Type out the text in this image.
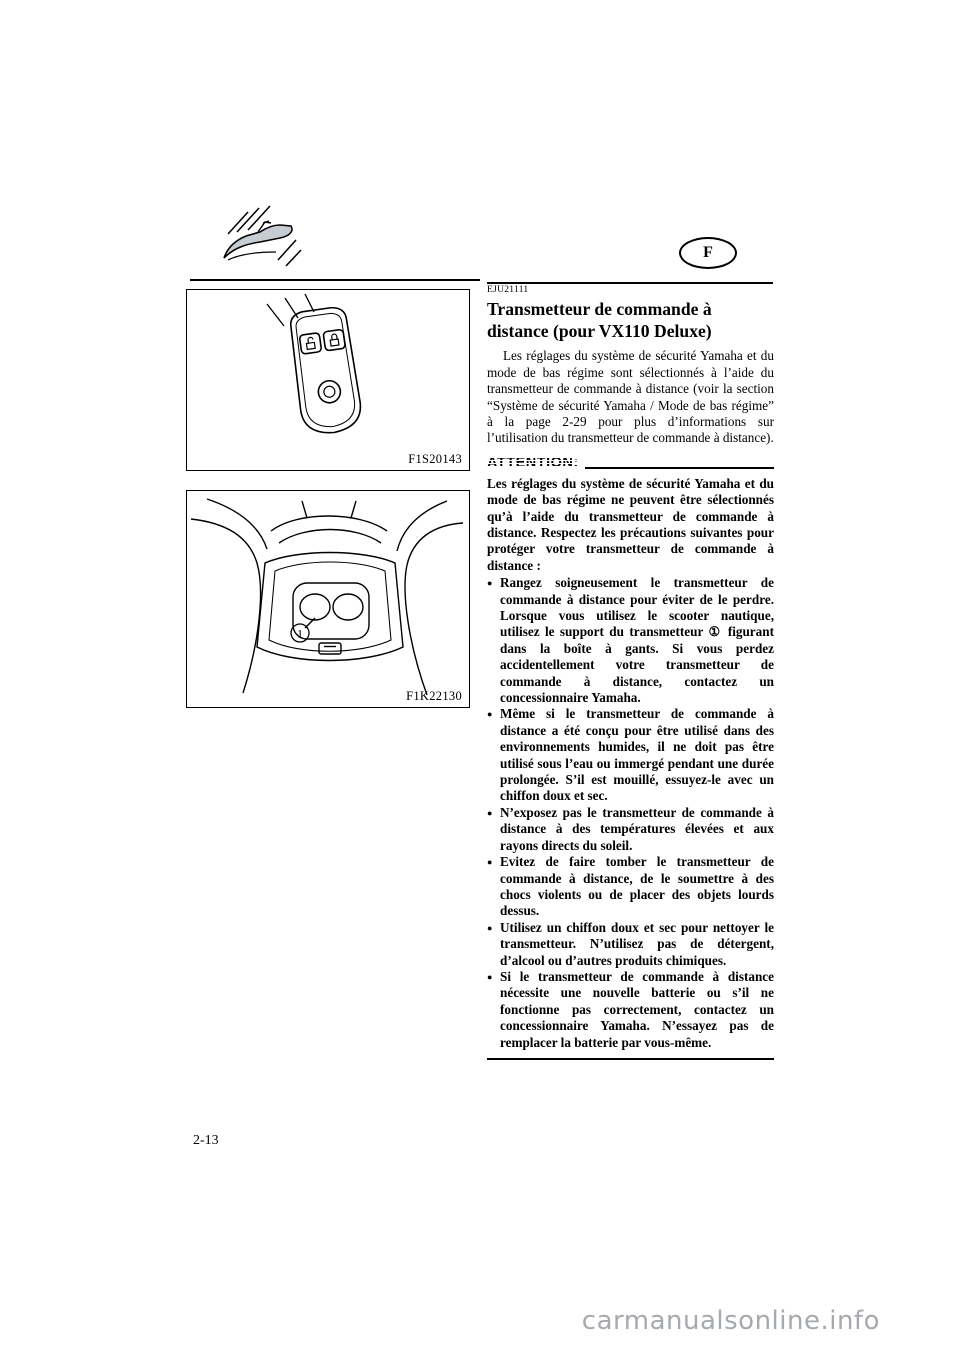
F
F1S20143
1
F1K22130
EJU21111
Transmetteur de commande à distance (pour VX110 Deluxe)

Les réglages du système de sécurité Yamaha et du mode de bas régime sont sélectionnés à l’aide du transmetteur de commande à distance (voir la section “Système de sécurité Yamaha / Mode de bas régime” à la page 2-29 pour plus d’informations sur l’utilisation du transmetteur de commande à distance).

ATTENTION:

Les réglages du système de sécurité Yamaha et du mode de bas régime ne peuvent être sélectionnés qu’à l’aide du transmetteur de commande à distance. Respectez les précautions suivantes pour protéger votre transmetteur de commande à distance :

● Rangez soigneusement le transmetteur de commande à distance pour éviter de le perdre. Lorsque vous utilisez le scooter nautique, utilisez le support du transmetteur ① figurant dans la boîte à gants. Si vous perdez accidentellement votre transmetteur de commande à distance, contactez un concessionnaire Yamaha.
● Même si le transmetteur de commande à distance a été conçu pour être utilisé dans des environnements humides, il ne doit pas être utilisé sous l’eau ou immergé pendant une durée prolongée. S’il est mouillé, essuyez-le avec un chiffon doux et sec.
● N’exposez pas le transmetteur de commande à distance à des températures élevées et aux rayons directs du soleil.
● Evitez de faire tomber le transmetteur de commande à distance, de le soumettre à des chocs violents ou de placer des objets lourds dessus.
● Utilisez un chiffon doux et sec pour nettoyer le transmetteur. N’utilisez pas de détergent, d’alcool ou d’autres produits chimiques.
● Si le transmetteur de commande à distance nécessite une nouvelle batterie ou s’il ne fonctionne pas correctement, contactez un concessionnaire Yamaha. N’essayez pas de remplacer la batterie par vous-même.
2-13
carmanualsonline.info
